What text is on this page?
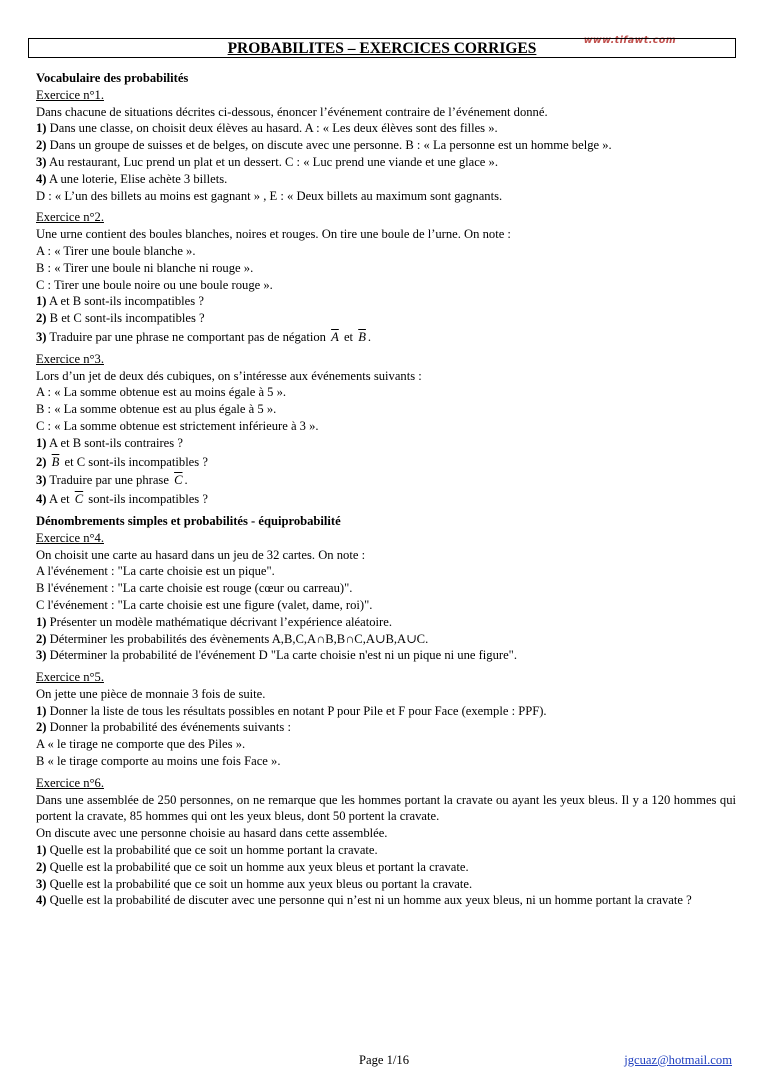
www.tifawt.com
PROBABILITES – EXERCICES CORRIGES
Vocabulaire des probabilités
Exercice n°1.
Dans chacune de situations décrites ci-dessous, énoncer l’événement contraire de l’événement donné.
1) Dans une classe, on choisit deux élèves au hasard. A : « Les deux élèves sont des filles ».
2) Dans un groupe de suisses et de belges, on discute avec une personne. B : « La personne est un homme belge ».
3) Au restaurant, Luc prend un plat et un dessert. C : « Luc prend une viande et une glace ».
4) A une loterie, Elise achète 3 billets.
D : « L’un des billets au moins est gagnant » , E : « Deux billets au maximum sont gagnants.
Exercice n°2.
Une urne contient des boules blanches, noires et rouges. On tire une boule de l’urne. On note :
A : « Tirer une boule blanche ».
B : « Tirer une boule ni blanche ni rouge ».
C : Tirer une boule noire ou une boule rouge ».
1) A et B sont-ils incompatibles ?
2) B et C sont-ils incompatibles ?
3) Traduire par une phrase ne comportant pas de négation $\overline{A}$ et $\overline{B}$ .
Exercice n°3.
Lors d’un jet de deux dés cubiques, on s’intéresse aux événements suivants :
A : « La somme obtenue est au moins égale à 5 ».
B : « La somme obtenue est au plus égale à 5 ».
C : « La somme obtenue est strictement inférieure à 3 ».
1) A et B sont-ils contraires ?
2) $\overline{B}$ et C sont-ils incompatibles ?
3) Traduire par une phrase $\overline{C}$ .
4) A et $\overline{C}$ sont-ils incompatibles ?
Dénombrements simples et probabilités - équiprobabilité
Exercice n°4.
On choisit une carte au hasard dans un jeu de 32 cartes. On note :
A l'événement : "La carte choisie est un pique".
B l'événement : "La carte choisie est rouge (cœur ou carreau)".
C l'événement : "La carte choisie est une figure (valet, dame, roi)".
1) Présenter un modèle mathématique décrivant l’expérience aléatoire.
2) Déterminer les probabilités des évènements A,B,C,A∩B,B∩C,A∪B,A∪C.
3) Déterminer la probabilité de l'événement D "La carte choisie n'est ni un pique ni une figure".
Exercice n°5.
On jette une pièce de monnaie 3 fois de suite.
1) Donner la liste de tous les résultats possibles en notant P pour Pile et F pour Face (exemple : PPF).
2) Donner la probabilité des événements suivants :
A « le tirage ne comporte que des Piles ».
B « le tirage comporte au moins une fois Face ».
Exercice n°6.
Dans une assemblée de 250 personnes, on ne remarque que les hommes portant la cravate ou ayant les yeux bleus. Il y a 120 hommes qui portent la cravate, 85 hommes qui ont les yeux bleus, dont 50 portent la cravate.
On discute avec une personne choisie au hasard dans cette assemblée.
1) Quelle est la probabilité que ce soit un homme portant la cravate.
2) Quelle est la probabilité que ce soit un homme aux yeux bleus et portant la cravate.
3) Quelle est la probabilité que ce soit un homme aux yeux bleus ou portant la cravate.
4) Quelle est la probabilité de discuter avec une personne qui n’est ni un homme aux yeux bleus, ni un homme portant la cravate ?
Page 1/16	jgcuaz@hotmail.com
